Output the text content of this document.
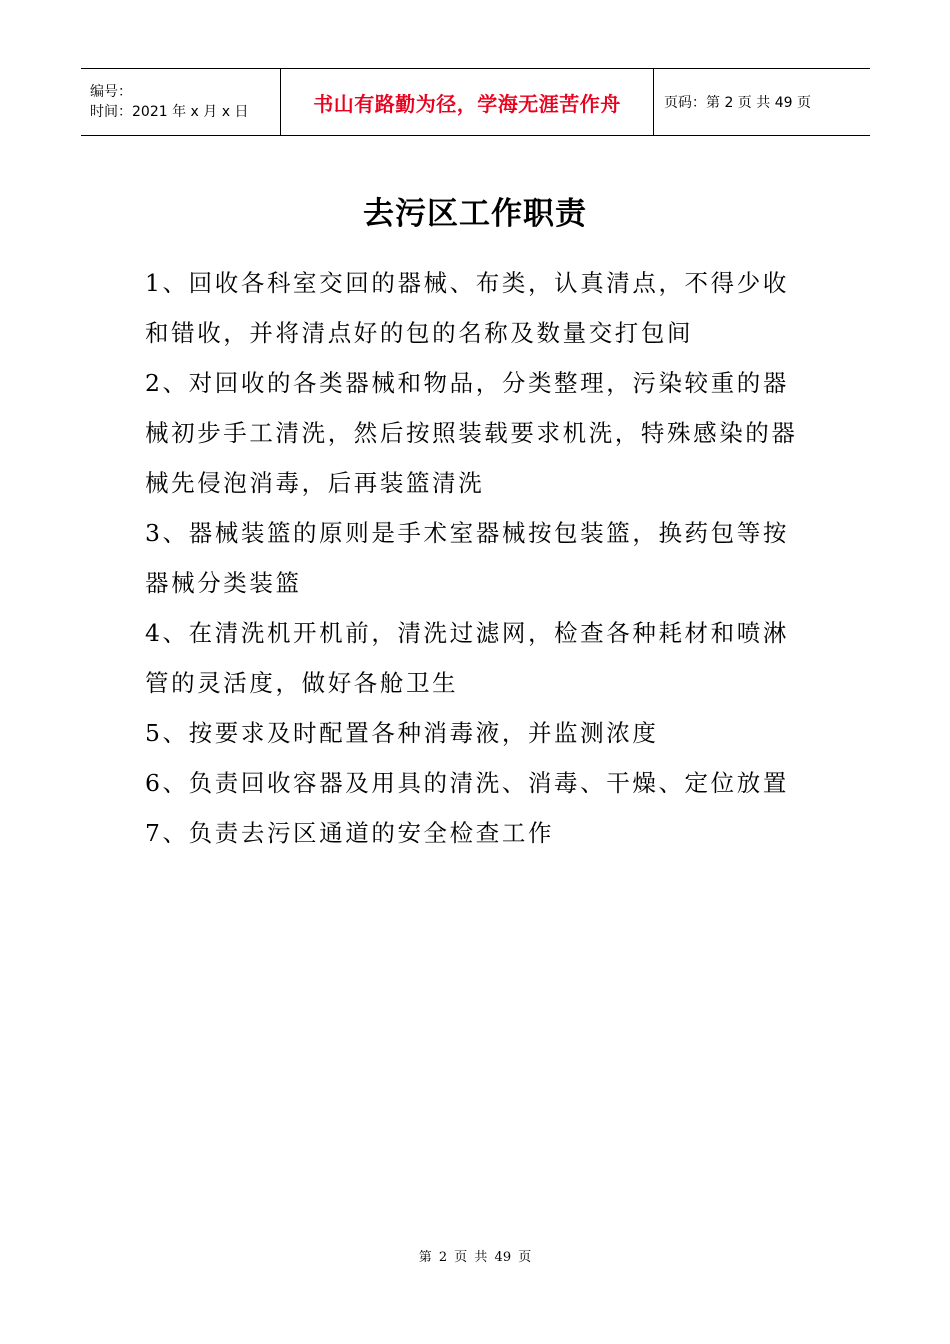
编号：
时间：2021 年 x 月 x 日	书山有路勤为径，学海无涯苦作舟	页码：第 2 页 共 49 页
去污区工作职责

1、回收各科室交回的器械、布类，认真清点，不得少收和错收，并将清点好的包的名称及数量交打包间

2、对回收的各类器械和物品，分类整理，污染较重的器械初步手工清洗，然后按照装载要求机洗，特殊感染的器械先侵泡消毒，后再装篮清洗

3、器械装篮的原则是手术室器械按包装篮，换药包等按器械分类装篮

4、在清洗机开机前，清洗过滤网，检查各种耗材和喷淋管的灵活度，做好各舱卫生

5、按要求及时配置各种消毒液，并监测浓度

6、负责回收容器及用具的清洗、消毒、干燥、定位放置

7、负责去污区通道的安全检查工作

第 2 页 共 49 页
